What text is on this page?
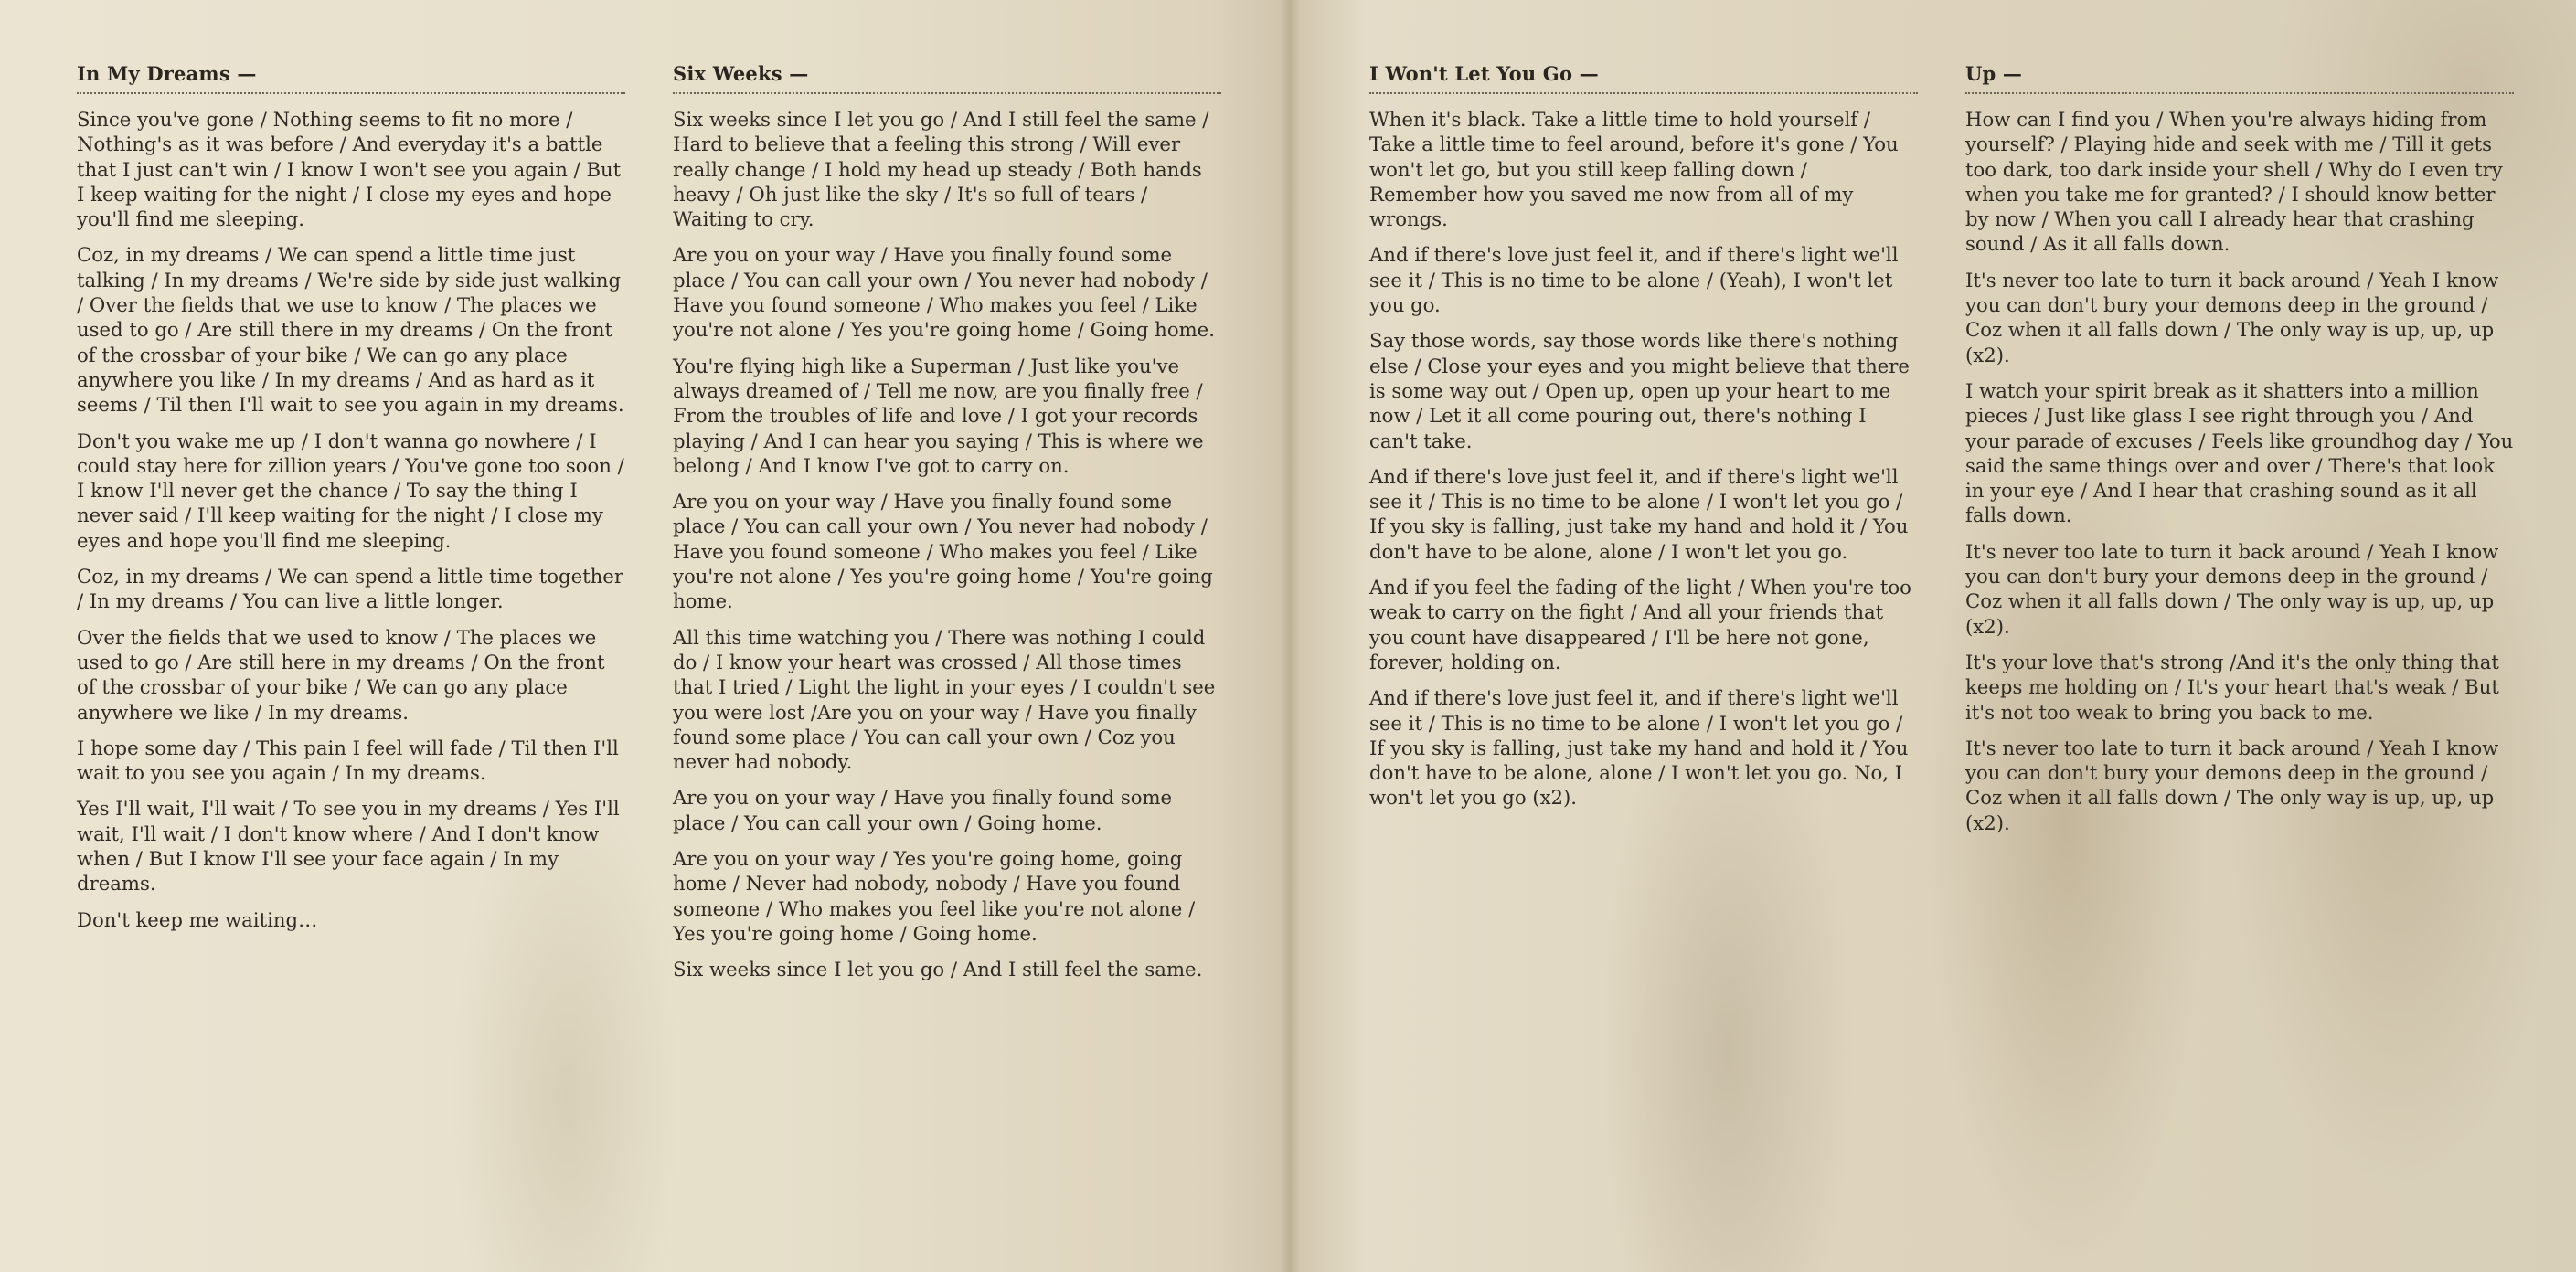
In My Dreams —

Since you've gone / Nothing seems to fit no more / Nothing's as it was before / And everyday it's a battle that I just can't win / I know I won't see you again / But I keep waiting for the night / I close my eyes and hope you'll find me sleeping.

Coz, in my dreams / We can spend a little time just talking / In my dreams / We're side by side just walking / Over the fields that we use to know / The places we used to go / Are still there in my dreams / On the front of the crossbar of your bike / We can go any place anywhere you like / In my dreams / And as hard as it seems / Til then I'll wait to see you again in my dreams.

Don't you wake me up / I don't wanna go nowhere / I could stay here for zillion years / You've gone too soon / I know I'll never get the chance / To say the thing I never said / I'll keep waiting for the night / I close my eyes and hope you'll find me sleeping.

Coz, in my dreams / We can spend a little time together / In my dreams / You can live a little longer.

Over the fields that we used to know / The places we used to go / Are still here in my dreams / On the front of the crossbar of your bike / We can go any place anywhere we like / In my dreams.

I hope some day / This pain I feel will fade / Til then I'll wait to you see you again / In my dreams.

Yes I'll wait, I'll wait / To see you in my dreams / Yes I'll wait, I'll wait / I don't know where / And I don't know when / But I know I'll see your face again / In my dreams.

Don't keep me waiting…

Six Weeks —

Six weeks since I let you go / And I still feel the same / Hard to believe that a feeling this strong / Will ever really change / I hold my head up steady / Both hands heavy / Oh just like the sky / It's so full of tears / Waiting to cry.

Are you on your way / Have you finally found some place / You can call your own / You never had nobody / Have you found someone / Who makes you feel / Like you're not alone / Yes you're going home / Going home.

You're flying high like a Superman / Just like you've always dreamed of / Tell me now, are you finally free / From the troubles of life and love / I got your records playing / And I can hear you saying / This is where we belong / And I know I've got to carry on.

Are you on your way / Have you finally found some place / You can call your own / You never had nobody / Have you found someone / Who makes you feel / Like you're not alone / Yes you're going home / You're going home.

All this time watching you / There was nothing I could do / I know your heart was crossed / All those times that I tried / Light the light in your eyes / I couldn't see you were lost /Are you on your way / Have you finally found some place / You can call your own / Coz you never had nobody.

Are you on your way / Have you finally found some place / You can call your own / Going home.

Are you on your way / Yes you're going home, going home / Never had nobody, nobody / Have you found someone / Who makes you feel like you're not alone / Yes you're going home / Going home.

Six weeks since I let you go / And I still feel the same.

I Won't Let You Go —

When it's black. Take a little time to hold yourself / Take a little time to feel around, before it's gone / You won't let go, but you still keep falling down / Remember how you saved me now from all of my wrongs.

And if there's love just feel it, and if there's light we'll see it / This is no time to be alone / (Yeah), I won't let you go.

Say those words, say those words like there's nothing else / Close your eyes and you might believe that there is some way out / Open up, open up your heart to me now / Let it all come pouring out, there's nothing I can't take.

And if there's love just feel it, and if there's light we'll see it / This is no time to be alone / I won't let you go / If you sky is falling, just take my hand and hold it / You don't have to be alone, alone / I won't let you go.

And if you feel the fading of the light / When you're too weak to carry on the fight / And all your friends that you count have disappeared / I'll be here not gone, forever, holding on.

And if there's love just feel it, and if there's light we'll see it / This is no time to be alone / I won't let you go / If you sky is falling, just take my hand and hold it / You don't have to be alone, alone / I won't let you go. No, I won't let you go (x2).

Up —

How can I find you / When you're always hiding from yourself? / Playing hide and seek with me / Till it gets too dark, too dark inside your shell / Why do I even try when you take me for granted? / I should know better by now / When you call I already hear that crashing sound / As it all falls down.

It's never too late to turn it back around / Yeah I know you can don't bury your demons deep in the ground / Coz when it all falls down / The only way is up, up, up (x2).

I watch your spirit break as it shatters into a million pieces / Just like glass I see right through you / And your parade of excuses / Feels like groundhog day / You said the same things over and over / There's that look in your eye / And I hear that crashing sound as it all falls down.

It's never too late to turn it back around / Yeah I know you can don't bury your demons deep in the ground / Coz when it all falls down / The only way is up, up, up (x2).

It's your love that's strong /And it's the only thing that keeps me holding on / It's your heart that's weak / But it's not too weak to bring you back to me.

It's never too late to turn it back around / Yeah I know you can don't bury your demons deep in the ground / Coz when it all falls down / The only way is up, up, up (x2).
